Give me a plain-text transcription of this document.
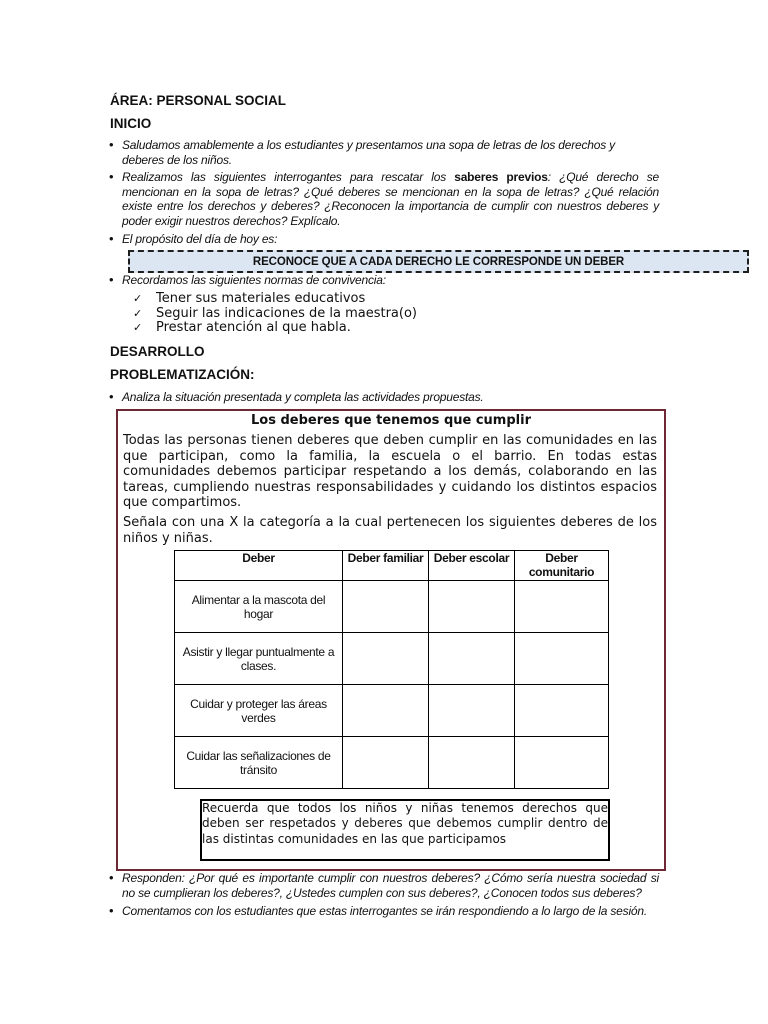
ÁREA: PERSONAL SOCIAL
INICIO
• Saludamos amablemente a los estudiantes y presentamos una sopa de letras de los derechos y deberes de los niños.
• Realizamos las siguientes interrogantes para rescatar los saberes previos: ¿Qué derecho se mencionan en la sopa de letras? ¿Qué deberes se mencionan en la sopa de letras? ¿Qué relación existe entre los derechos y deberes? ¿Reconocen la importancia de cumplir con nuestros deberes y poder exigir nuestros derechos? Explícalo.
• El propósito del día de hoy es:
RECONOCE QUE A CADA DERECHO LE CORRESPONDE UN DEBER
• Recordamos las siguientes normas de convivencia:
✓	Tener sus materiales educativos
✓	Seguir las indicaciones de la maestra(o)
✓	Prestar atención al que habla.
DESARROLLO
PROBLEMATIZACIÓN:
• Analiza la situación presentada y completa las actividades propuestas.
Los deberes que tenemos que cumplir
Todas las personas tienen deberes que deben cumplir en las comunidades en las que participan, como la familia, la escuela o el barrio. En todas estas comunidades debemos participar respetando a los demás, colaborando en las tareas, cumpliendo nuestras responsabilidades y cuidando los distintos espacios que compartimos.
Señala con una X la categoría a la cual pertenecen los siguientes deberes de los niños y niñas.
Deber	Deber familiar	Deber escolar	Deber comunitario
Alimentar a la mascota del hogar			
Asistir y llegar puntualmente a clases.			
Cuidar y proteger las áreas verdes			
Cuidar las señalizaciones de tránsito			
Recuerda que todos los niños y niñas tenemos derechos que deben ser respetados y deberes que debemos cumplir dentro de las distintas comunidades en las que participamos
• Responden: ¿Por qué es importante cumplir con nuestros deberes? ¿Cómo sería nuestra sociedad si no se cumplieran los deberes?, ¿Ustedes cumplen con sus deberes?, ¿Conocen todos sus deberes?
• Comentamos con los estudiantes que estas interrogantes se irán respondiendo a lo largo de la sesión.
